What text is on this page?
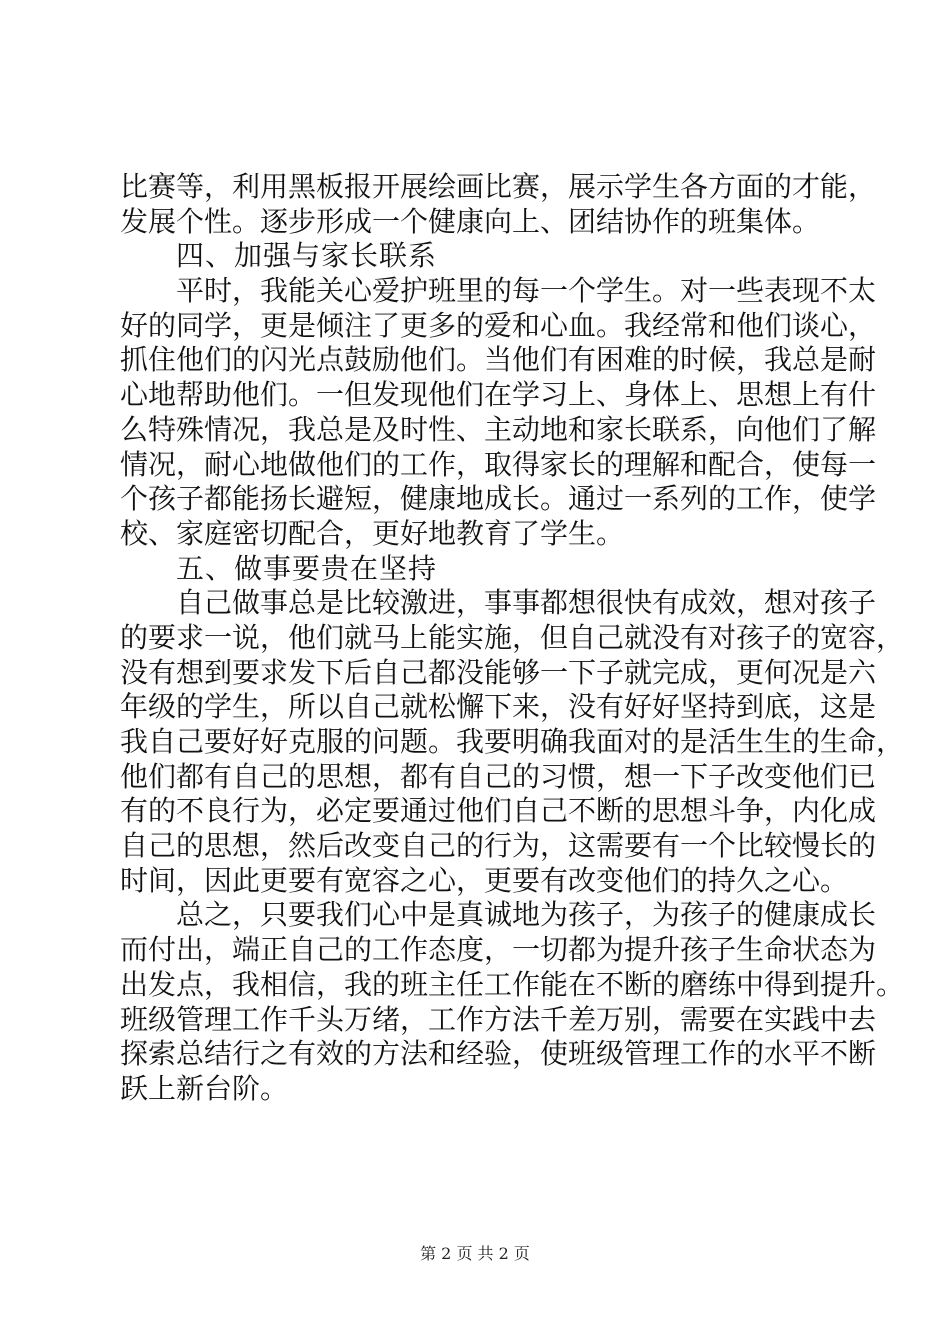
比赛等，利用黑板报开展绘画比赛，展示学生各方面的才能，
发展个性。逐步形成一个健康向上、团结协作的班集体。
四、加强与家长联系
平时，我能关心爱护班里的每一个学生。对一些表现不太
好的同学，更是倾注了更多的爱和心血。我经常和他们谈心，
抓住他们的闪光点鼓励他们。当他们有困难的时候，我总是耐
心地帮助他们。一但发现他们在学习上、身体上、思想上有什
么特殊情况，我总是及时性、主动地和家长联系，向他们了解
情况，耐心地做他们的工作，取得家长的理解和配合，使每一
个孩子都能扬长避短，健康地成长。通过一系列的工作，使学
校、家庭密切配合，更好地教育了学生。
五、做事要贵在坚持
自己做事总是比较激进，事事都想很快有成效，想对孩子
的要求一说，他们就马上能实施，但自己就没有对孩子的宽容，
没有想到要求发下后自己都没能够一下子就完成，更何况是六
年级的学生，所以自己就松懈下来，没有好好坚持到底，这是
我自己要好好克服的问题。我要明确我面对的是活生生的生命，
他们都有自己的思想，都有自己的习惯，想一下子改变他们已
有的不良行为，必定要通过他们自己不断的思想斗争，内化成
自己的思想，然后改变自己的行为，这需要有一个比较慢长的
时间，因此更要有宽容之心，更要有改变他们的持久之心。
总之，只要我们心中是真诚地为孩子，为孩子的健康成长
而付出，端正自己的工作态度，一切都为提升孩子生命状态为
出发点，我相信，我的班主任工作能在不断的磨练中得到提升。
班级管理工作千头万绪，工作方法千差万别，需要在实践中去
探索总结行之有效的方法和经验，使班级管理工作的水平不断
跃上新台阶。
第 2 页 共 2 页
